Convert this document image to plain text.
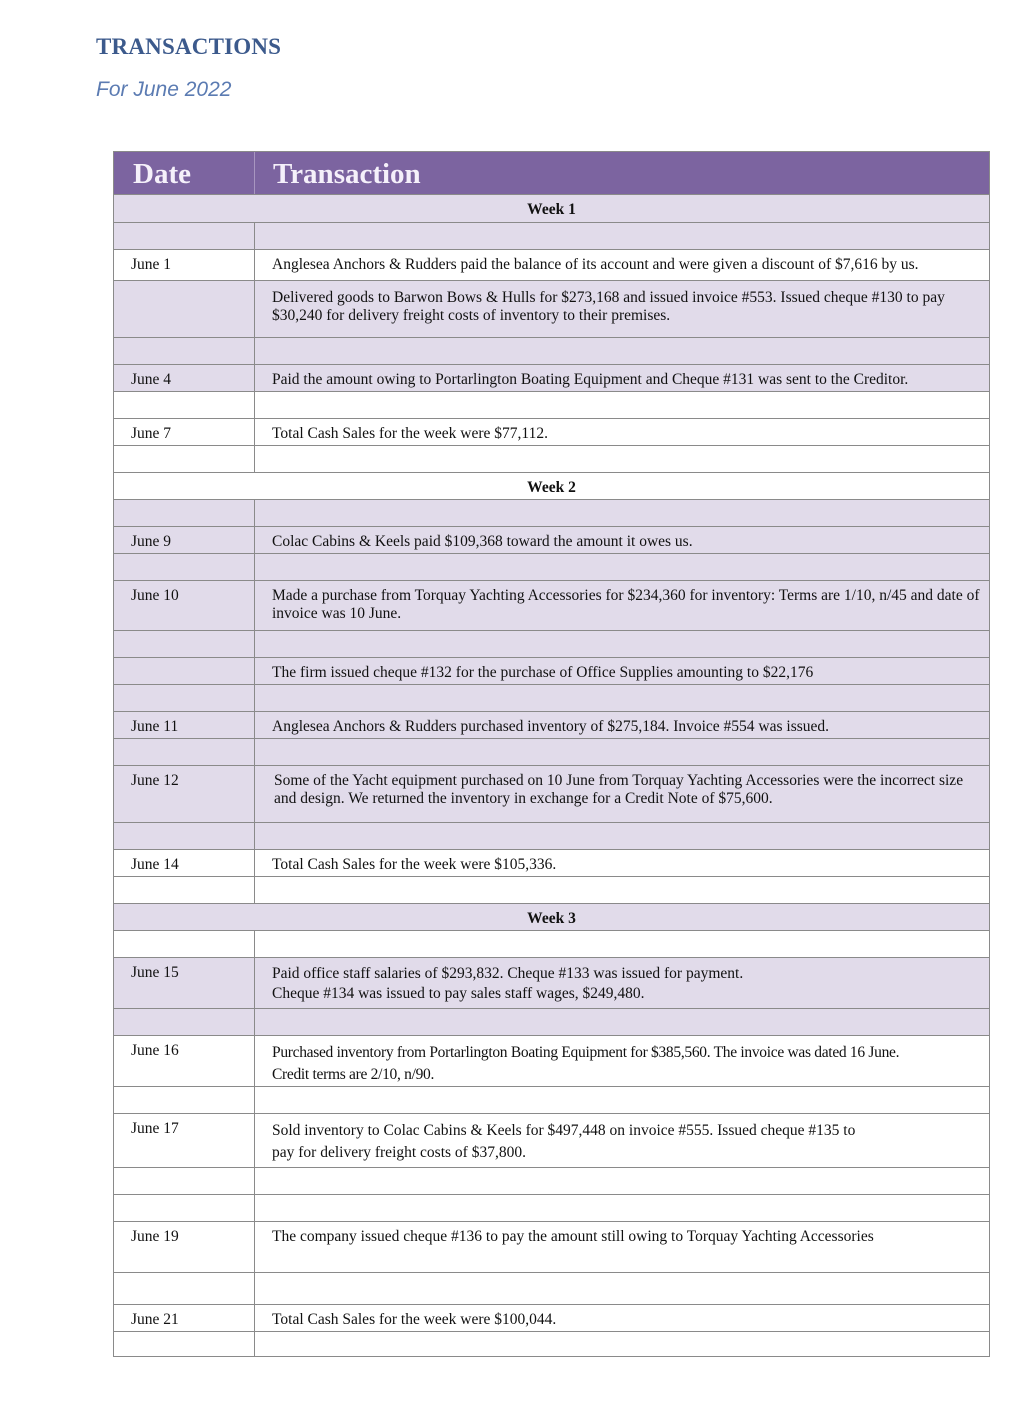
TRANSACTIONS
For June 2022
Date	Transaction
Week 1
June 1	Anglesea Anchors & Rudders paid the balance of its account and were given a discount of $7,616 by us.
Delivered goods to Barwon Bows & Hulls for $273,168 and issued invoice #553. Issued cheque #130 to pay $30,240 for delivery freight costs of inventory to their premises.
June 4	Paid the amount owing to Portarlington Boating Equipment and Cheque #131 was sent to the Creditor.
June 7	Total Cash Sales for the week were $77,112.
Week 2
June 9	Colac Cabins & Keels paid $109,368 toward the amount it owes us.
June 10	Made a purchase from Torquay Yachting Accessories for $234,360 for inventory: Terms are 1/10, n/45 and date of invoice was 10 June.
The firm issued cheque #132 for the purchase of Office Supplies amounting to $22,176
June 11	Anglesea Anchors & Rudders purchased inventory of $275,184. Invoice #554 was issued.
June 12	Some of the Yacht equipment purchased on 10 June from Torquay Yachting Accessories were the incorrect size and design. We returned the inventory in exchange for a Credit Note of $75,600.
June 14	Total Cash Sales for the week were $105,336.
Week 3
June 15	Paid office staff salaries of $293,832. Cheque #133 was issued for payment.
Cheque #134 was issued to pay sales staff wages, $249,480.
June 16	Purchased inventory from Portarlington Boating Equipment for $385,560. The invoice was dated 16 June.
Credit terms are 2/10, n/90.
June 17	Sold inventory to Colac Cabins & Keels for $497,448 on invoice #555. Issued cheque #135 to
pay for delivery freight costs of $37,800.
June 19	The company issued cheque #136 to pay the amount still owing to Torquay Yachting Accessories
June 21	Total Cash Sales for the week were $100,044.
